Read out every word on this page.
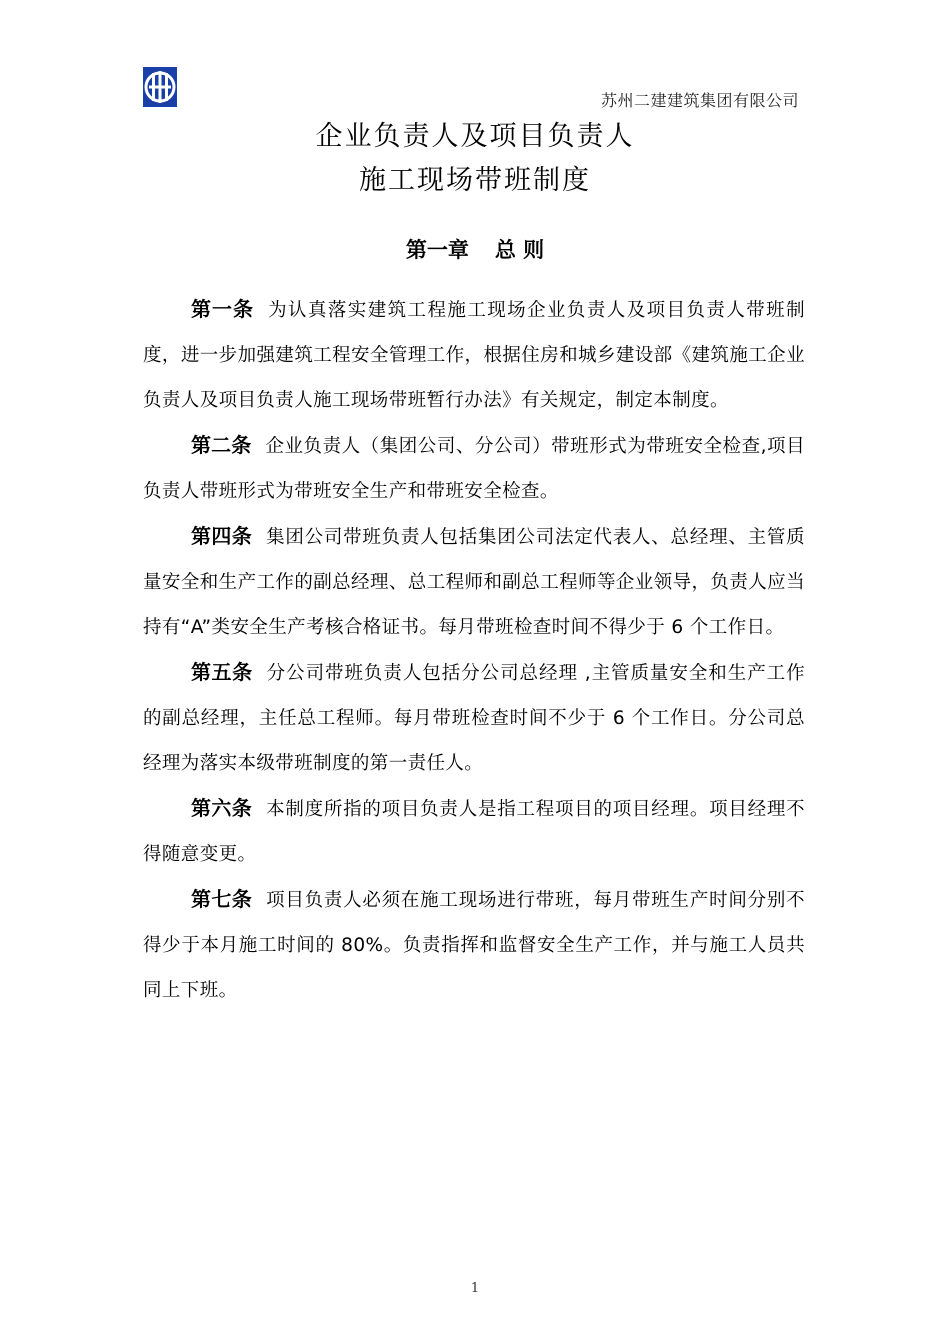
苏州二建建筑集团有限公司
企业负责人及项目负责人
施工现场带班制度
第一章 总 则

第一条 为认真落实建筑工程施工现场企业负责人及项目负责人带班制度，进一步加强建筑工程安全管理工作，根据住房和城乡建设部《建筑施工企业负责人及项目负责人施工现场带班暂行办法》有关规定，制定本制度。

第二条 企业负责人（集团公司、分公司）带班形式为带班安全检查,项目负责人带班形式为带班安全生产和带班安全检查。

第四条 集团公司带班负责人包括集团公司法定代表人、总经理、主管质量安全和生产工作的副总经理、总工程师和副总工程师等企业领导，负责人应当持有“A”类安全生产考核合格证书。每月带班检查时间不得少于 6 个工作日。

第五条 分公司带班负责人包括分公司总经理 ,主管质量安全和生产工作的副总经理，主任总工程师。每月带班检查时间不少于 6 个工作日。分公司总经理为落实本级带班制度的第一责任人。

第六条 本制度所指的项目负责人是指工程项目的项目经理。项目经理不得随意变更。

第七条 项目负责人必须在施工现场进行带班，每月带班生产时间分别不得少于本月施工时间的 80%。负责指挥和监督安全生产工作，并与施工人员共同上下班。

1
